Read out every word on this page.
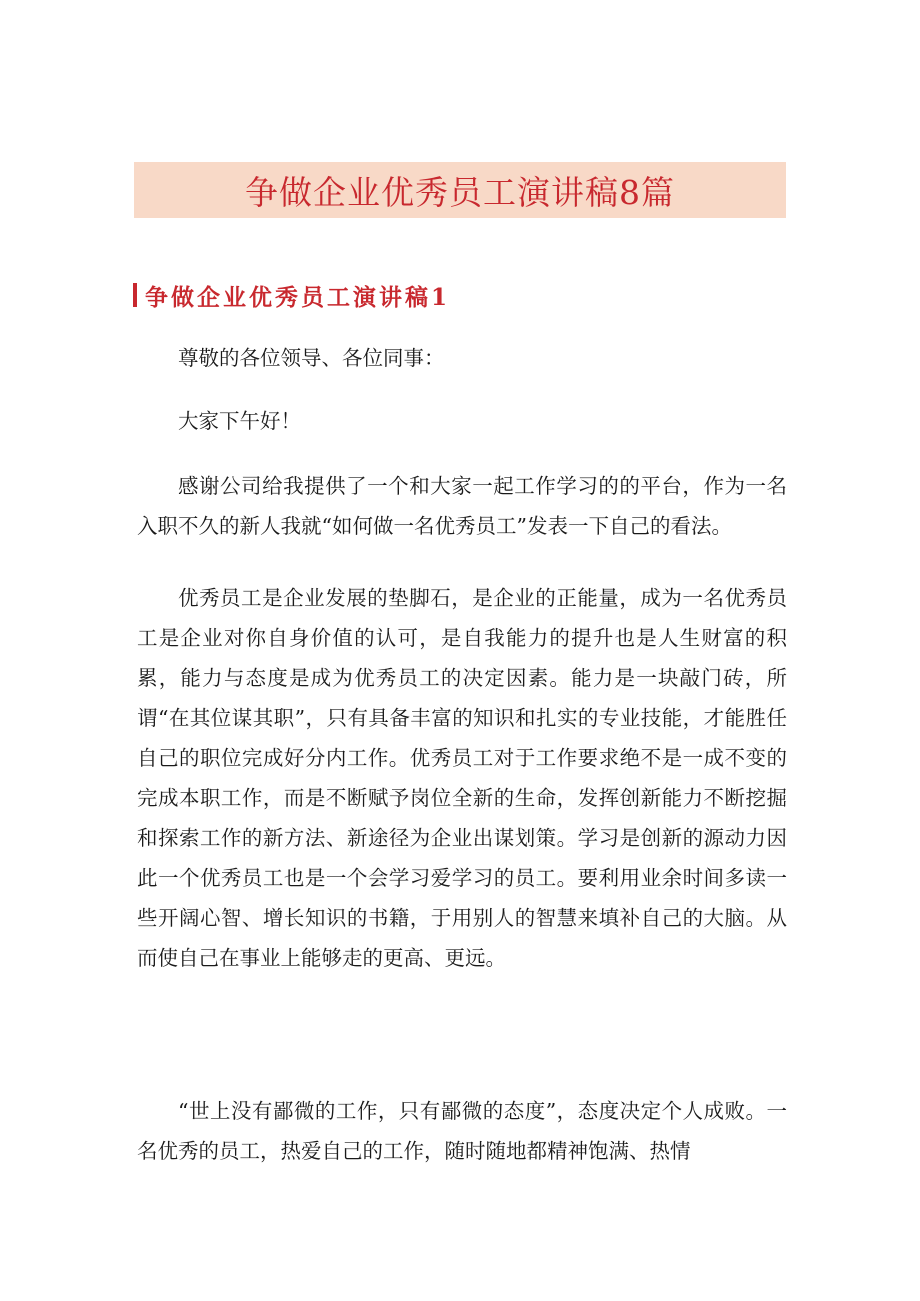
争做企业优秀员工演讲稿8篇
争做企业优秀员工演讲稿1

尊敬的各位领导、各位同事：

大家下午好！

感谢公司给我提供了一个和大家一起工作学习的的平台，作为一名入职不久的新人我就“如何做一名优秀员工”发表一下自己的看法。

优秀员工是企业发展的垫脚石，是企业的正能量，成为一名优秀员工是企业对你自身价值的认可，是自我能力的提升也是人生财富的积累，能力与态度是成为优秀员工的决定因素。能力是一块敲门砖，所谓“在其位谋其职”，只有具备丰富的知识和扎实的专业技能，才能胜任自己的职位完成好分内工作。优秀员工对于工作要求绝不是一成不变的完成本职工作，而是不断赋予岗位全新的生命，发挥创新能力不断挖掘和探索工作的新方法、新途径为企业出谋划策。学习是创新的源动力因此一个优秀员工也是一个会学习爱学习的员工。要利用业余时间多读一些开阔心智、增长知识的书籍，于用别人的智慧来填补自己的大脑。从而使自己在事业上能够走的更高、更远。

“世上没有鄙微的工作，只有鄙微的态度”，态度决定个人成败。一名优秀的员工，热爱自己的工作，随时随地都精神饱满、热情
